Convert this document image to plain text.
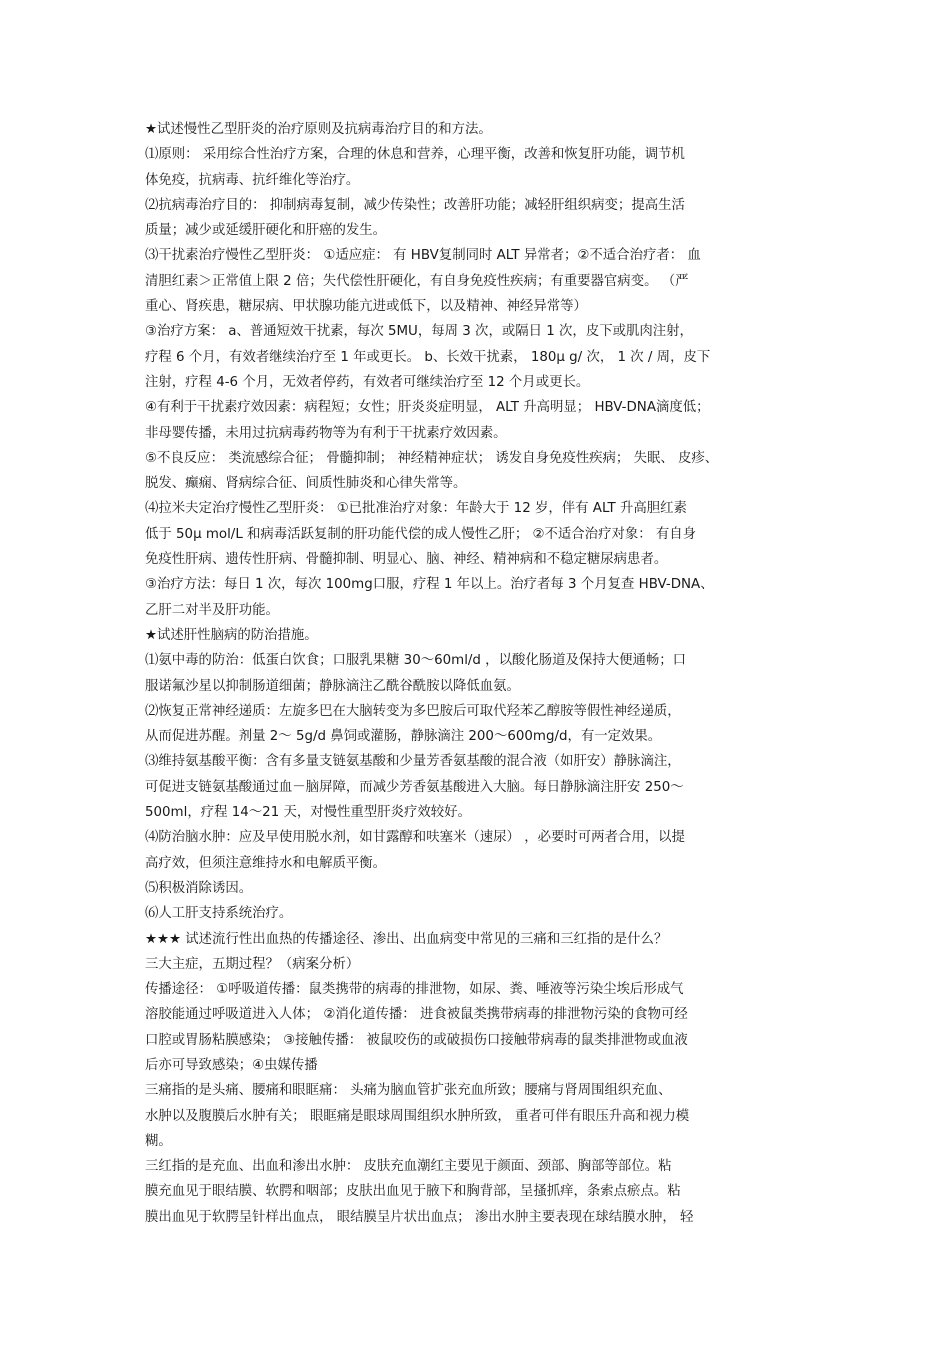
★试述慢性乙型肝炎的治疗原则及抗病毒治疗目的和方法。
⑴原则： 采用综合性治疗方案，合理的休息和营养，心理平衡，改善和恢复肝功能，调节机
体免疫，抗病毒、抗纤维化等治疗。
⑵抗病毒治疗目的： 抑制病毒复制，减少传染性；改善肝功能；减轻肝组织病变；提高生活
质量；减少或延缓肝硬化和肝癌的发生。
⑶干扰素治疗慢性乙型肝炎： ①适应症： 有 HBV复制同时 ALT 异常者；②不适合治疗者： 血
清胆红素＞正常值上限 2 倍；失代偿性肝硬化，有自身免疫性疾病；有重要器官病变。 （严
重心、肾疾患，糖尿病、甲状腺功能亢进或低下，以及精神、神经异常等）
③治疗方案： a、普通短效干扰素，每次 5MU，每周 3 次，或隔日 1 次，皮下或肌肉注射，
疗程 6 个月，有效者继续治疗至 1 年或更长。 b、长效干扰素， 180μ g/ 次， 1 次 / 周，皮下
注射，疗程 4-6 个月，无效者停药，有效者可继续治疗至 12 个月或更长。
④有利于干扰素疗效因素：病程短；女性；肝炎炎症明显， ALT 升高明显； HBV-DNA滴度低；
非母婴传播，未用过抗病毒药物等为有利于干扰素疗效因素。
⑤不良反应： 类流感综合征； 骨髓抑制； 神经精神症状； 诱发自身免疫性疾病； 失眠、 皮疹、
脱发、癫痫、肾病综合征、间质性肺炎和心律失常等。
⑷拉米夫定治疗慢性乙型肝炎： ①已批准治疗对象：年龄大于 12 岁，伴有 ALT 升高胆红素
低于 50μ mol/L 和病毒活跃复制的肝功能代偿的成人慢性乙肝； ②不适合治疗对象： 有自身
免疫性肝病、遗传性肝病、骨髓抑制、明显心、脑、神经、精神病和不稳定糖尿病患者。
③治疗方法：每日 1 次，每次 100mg口服，疗程 1 年以上。治疗者每 3 个月复查 HBV-DNA、
乙肝二对半及肝功能。
★试述肝性脑病的防治措施。
⑴氨中毒的防治：低蛋白饮食；口服乳果糖 30～60ml/d ，以酸化肠道及保持大便通畅；口
服诺氟沙星以抑制肠道细菌；静脉滴注乙酰谷酰胺以降低血氨。
⑵恢复正常神经递质：左旋多巴在大脑转变为多巴胺后可取代羟苯乙醇胺等假性神经递质，
从而促进苏醒。剂量 2～ 5g/d 鼻饲或灌肠，静脉滴注 200～600mg/d，有一定效果。
⑶维持氨基酸平衡：含有多量支链氨基酸和少量芳香氨基酸的混合液（如肝安）静脉滴注，
可促进支链氨基酸通过血－脑屏障，而减少芳香氨基酸进入大脑。每日静脉滴注肝安 250～
500ml，疗程 14～21 天，对慢性重型肝炎疗效较好。
⑷防治脑水肿：应及早使用脱水剂，如甘露醇和呋塞米（速尿） ，必要时可两者合用，以提
高疗效，但须注意维持水和电解质平衡。
⑸积极消除诱因。
⑹人工肝支持系统治疗。
★★★ 试述流行性出血热的传播途径、渗出、出血病变中常见的三痛和三红指的是什么？
三大主症，五期过程？（病案分析）
传播途径： ①呼吸道传播：鼠类携带的病毒的排泄物，如尿、粪、唾液等污染尘埃后形成气
溶胶能通过呼吸道进入人体； ②消化道传播： 进食被鼠类携带病毒的排泄物污染的食物可经
口腔或胃肠粘膜感染； ③接触传播： 被鼠咬伤的或破损伤口接触带病毒的鼠类排泄物或血液
后亦可导致感染；④虫媒传播
三痛指的是头痛、腰痛和眼眶痛： 头痛为脑血管扩张充血所致；腰痛与肾周围组织充血、
水肿以及腹膜后水肿有关； 眼眶痛是眼球周围组织水肿所致， 重者可伴有眼压升高和视力模
糊。
三红指的是充血、出血和渗出水肿： 皮肤充血潮红主要见于颜面、颈部、胸部等部位。粘
膜充血见于眼结膜、软腭和咽部；皮肤出血见于腋下和胸背部，呈搔抓痒，条索点瘀点。粘
膜出血见于软腭呈针样出血点， 眼结膜呈片状出血点； 渗出水肿主要表现在球结膜水肿， 轻
